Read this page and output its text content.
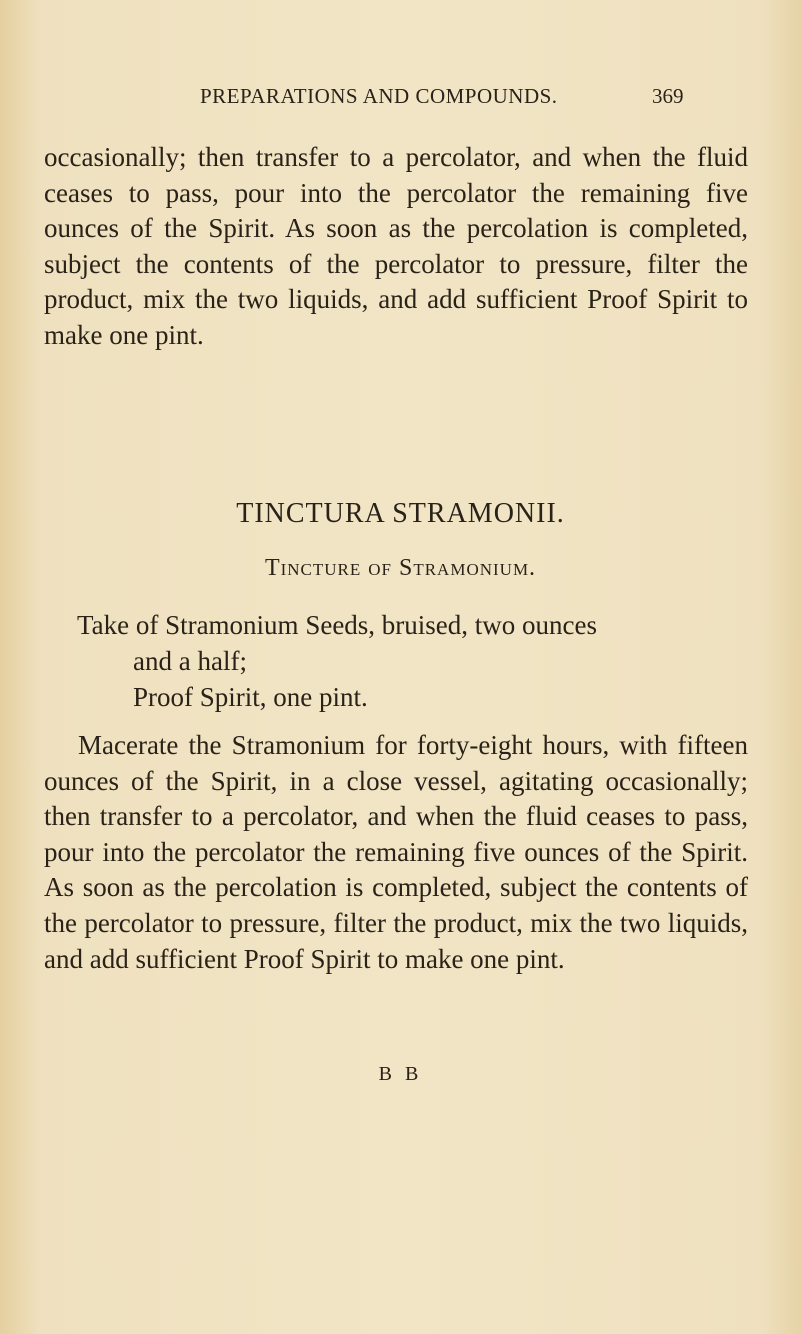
PREPARATIONS AND COMPOUNDS.	369

occasionally; then transfer to a percolator, and when the fluid ceases to pass, pour into the percolator the remaining five ounces of the Spirit. As soon as the percolation is completed, subject the contents of the percolator to pressure, filter the product, mix the two liquids, and add sufficient Proof Spirit to make one pint.

TINCTURA STRAMONII.
Tincture of Stramonium.
Take of Stramonium Seeds, bruised, two ounces
and a half;
Proof Spirit, one pint.

Macerate the Stramonium for forty-eight hours, with fifteen ounces of the Spirit, in a close vessel, agitating occasionally; then transfer to a percolator, and when the fluid ceases to pass, pour into the percolator the remaining five ounces of the Spirit. As soon as the percolation is completed, subject the contents of the percolator to pressure, filter the product, mix the two liquids, and add sufficient Proof Spirit to make one pint.

B B
